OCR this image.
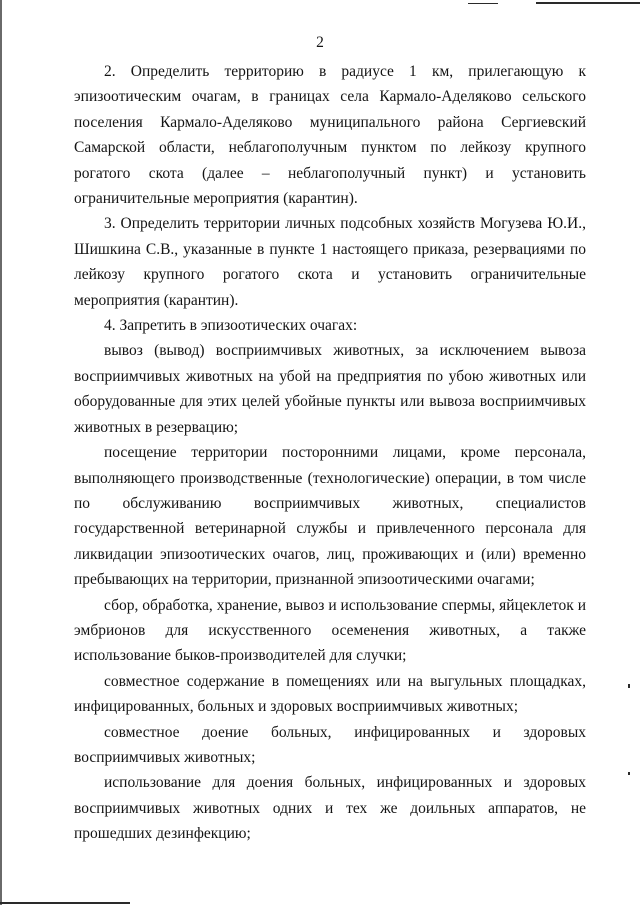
2

2. Определить территорию в радиусе 1 км, прилегающую к эпизоотическим очагам, в границах села Кармало-Аделяково сельского поселения Кармало-Аделяково муниципального района Сергиевский Самарской области, неблагополучным пунктом по лейкозу крупного рогатого скота (далее – неблагополучный пункт) и установить ограничительные мероприятия (карантин).

3. Определить территории личных подсобных хозяйств Могузева Ю.И., Шишкина С.В., указанные в пункте 1 настоящего приказа, резервациями по лейкозу крупного рогатого скота и установить ограничительные мероприятия (карантин).

4. Запретить в эпизоотических очагах:

вывоз (вывод) восприимчивых животных, за исключением вывоза восприимчивых животных на убой на предприятия по убою животных или оборудованные для этих целей убойные пункты или вывоза восприимчивых животных в резервацию;

посещение территории посторонними лицами, кроме персонала, выполняющего производственные (технологические) операции, в том числе по обслуживанию восприимчивых животных, специалистов государственной ветеринарной службы и привлеченного персонала для ликвидации эпизоотических очагов, лиц, проживающих и (или) временно пребывающих на территории, признанной эпизоотическими очагами;

сбор, обработка, хранение, вывоз и использование спермы, яйцеклеток и эмбрионов для искусственного осеменения животных, а также использование быков-производителей для случки;

совместное содержание в помещениях или на выгульных площадках, инфицированных, больных и здоровых восприимчивых животных;

совместное доение больных, инфицированных и здоровых восприимчивых животных;

использование для доения больных, инфицированных и здоровых восприимчивых животных одних и тех же доильных аппаратов, не прошедших дезинфекцию;
